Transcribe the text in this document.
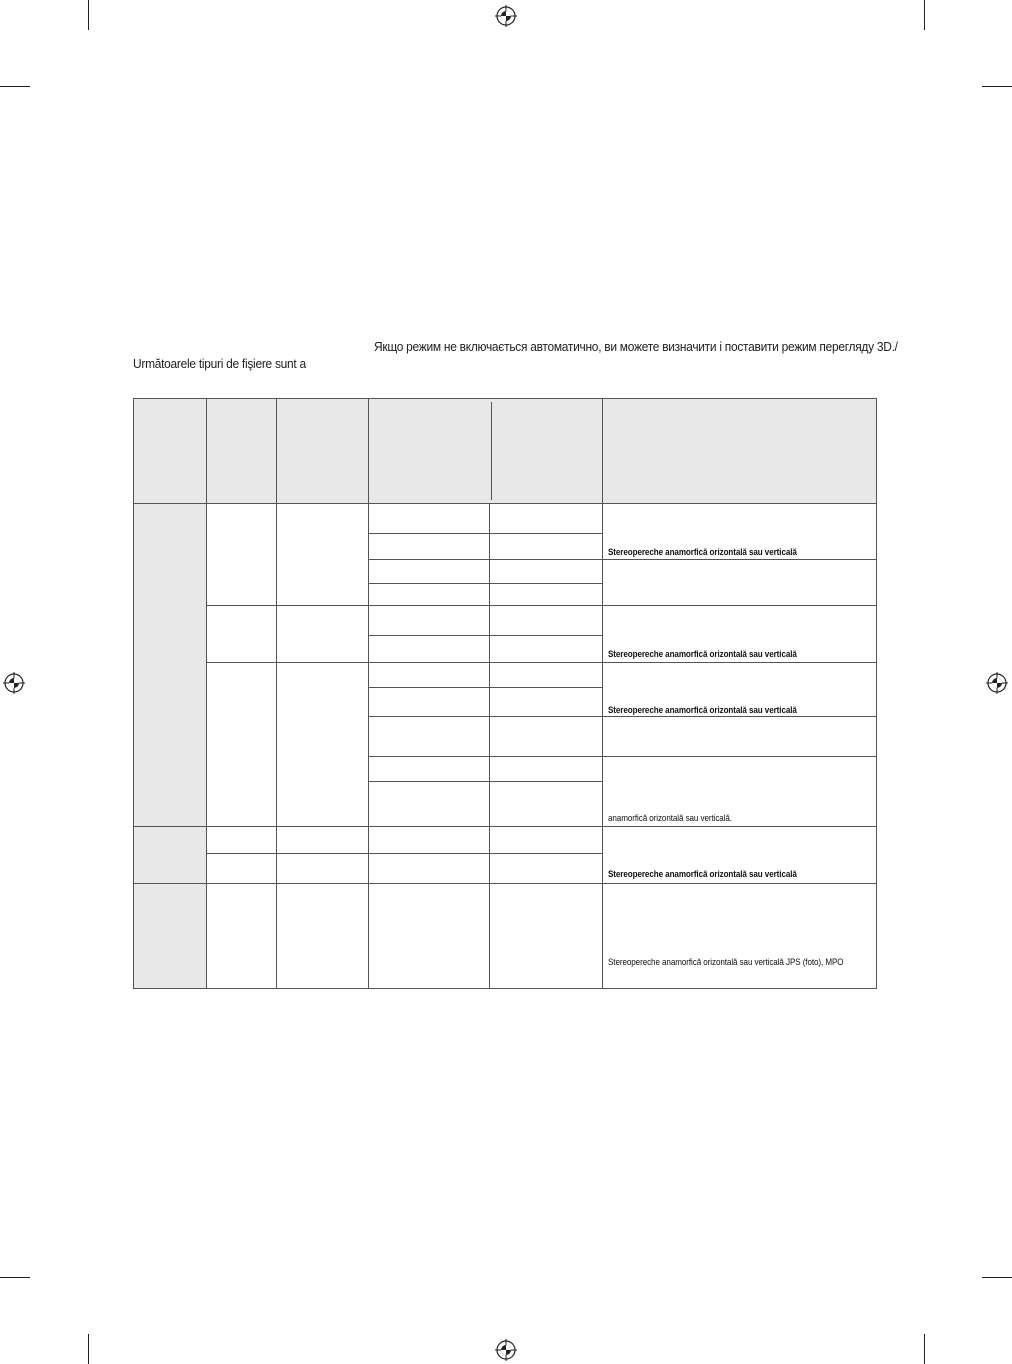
Якщо режим не включається автоматично, ви можете визначити і поставити режим перегляду 3D./
Următoarele tipuri de fişiere sunt a
Stereopereche anamorfică orizontală sau verticală
Stereopereche anamorfică orizontală sau verticală
Stereopereche anamorfică orizontală sau verticală
anamorfică orizontală sau verticală.
Stereopereche anamorfică orizontală sau verticală
Stereopereche anamorfică orizontală sau verticală JPS (foto), MPO
